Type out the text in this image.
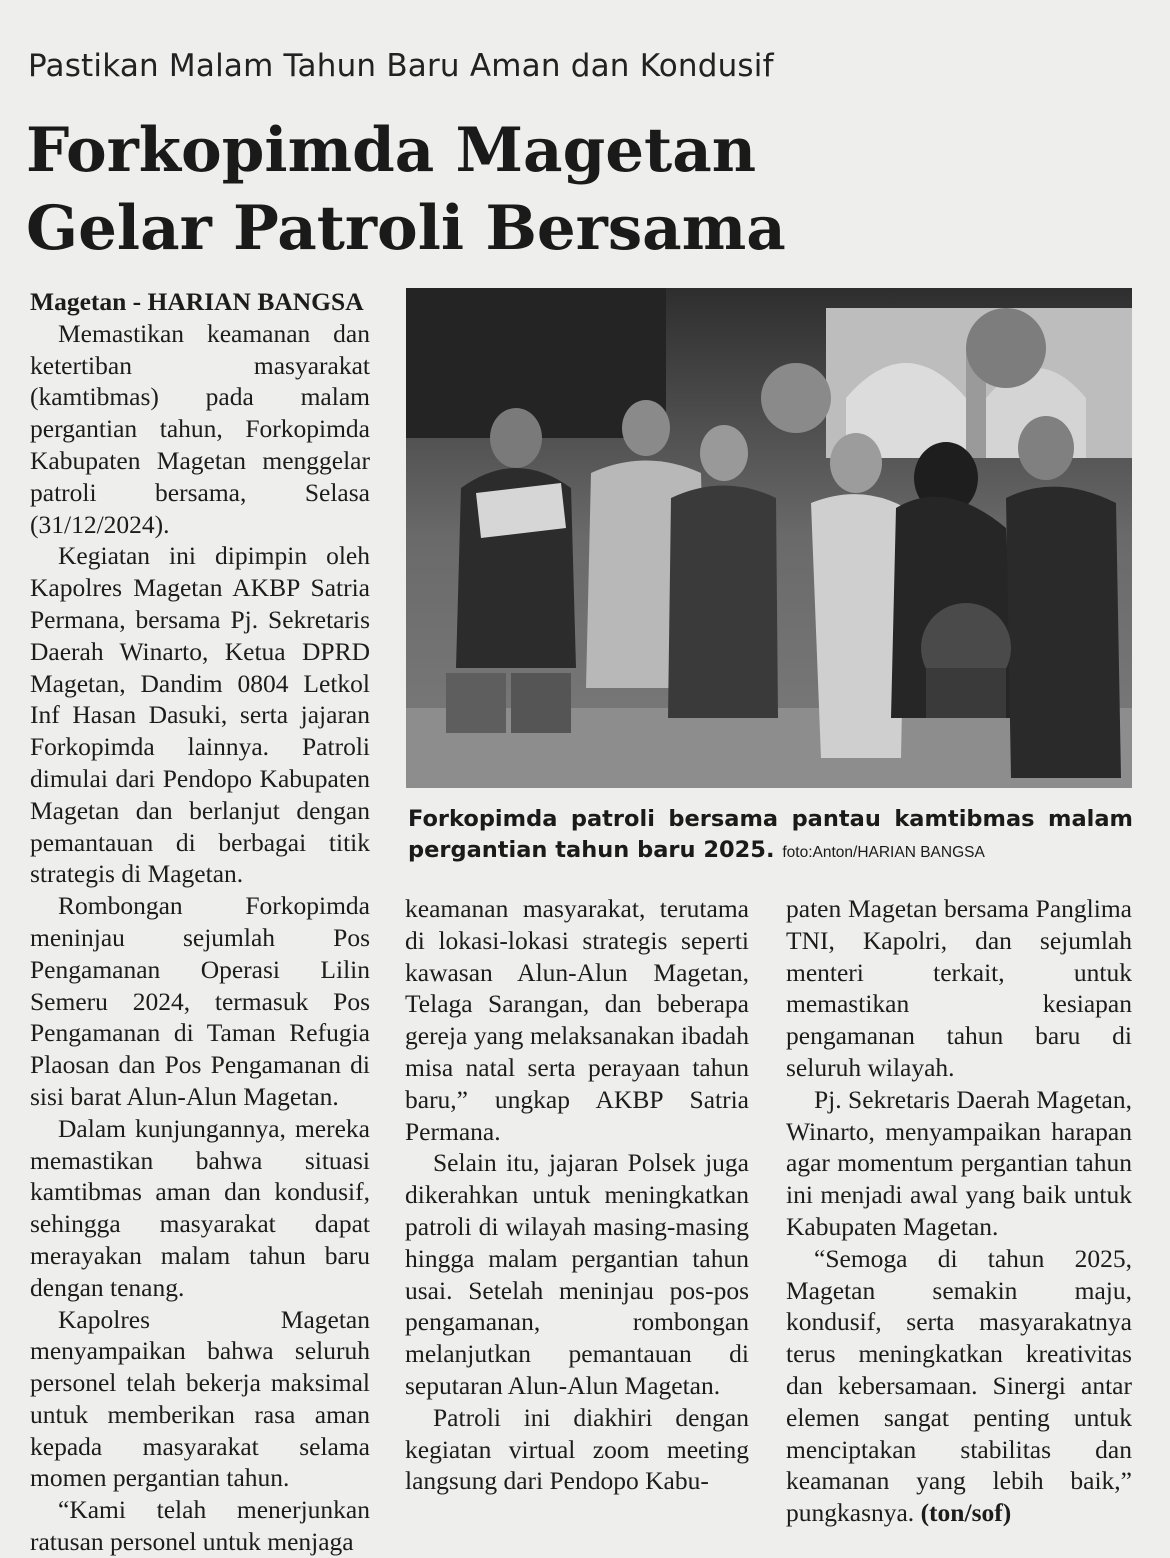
Pastikan Malam Tahun Baru Aman dan Kondusif
Forkopimda Magetan
Gelar Patroli Bersama

Magetan - HARIAN BANGSA

Memastikan keamanan dan ketertiban masyarakat (kamtibmas) pada malam pergantian tahun, Forkopimda Kabupaten Magetan menggelar patroli bersama, Selasa (31/12/2024).

Kegiatan ini dipimpin oleh Kapolres Magetan AKBP Satria Permana, bersama Pj. Sekretaris Daerah Winarto, Ketua DPRD Magetan, Dandim 0804 Letkol Inf Hasan Dasuki, serta jajaran Forkopimda lainnya. Patroli dimulai dari Pendopo Kabupaten Magetan dan berlanjut dengan pemantauan di berbagai titik strategis di Magetan.

Rombongan Forkopimda meninjau sejumlah Pos Pengamanan Operasi Lilin Semeru 2024, termasuk Pos Pengamanan di Taman Refugia Plaosan dan Pos Pengamanan di sisi barat Alun-Alun Magetan.

Dalam kunjungannya, mereka memastikan bahwa situasi kamtibmas aman dan kondusif, sehingga masyarakat dapat merayakan malam tahun baru dengan tenang.

Kapolres Magetan menyampaikan bahwa seluruh personel telah bekerja maksimal untuk memberikan rasa aman kepada masyarakat selama momen pergantian tahun.

“Kami telah menerjunkan ratusan personel untuk menjaga

Forkopimda patroli bersama pantau kamtibmas malam pergantian tahun baru 2025. foto:Anton/HARIAN BANGSA

keamanan masyarakat, terutama di lokasi-lokasi strategis seperti kawasan Alun-Alun Magetan, Telaga Sarangan, dan beberapa gereja yang melaksanakan ibadah misa natal serta perayaan tahun baru,” ungkap AKBP Satria Permana.

Selain itu, jajaran Polsek juga dikerahkan untuk meningkatkan patroli di wilayah masing-masing hingga malam pergantian tahun usai. Setelah meninjau pos-pos pengamanan, rombongan melanjutkan pemantauan di seputaran Alun-Alun Magetan.

Patroli ini diakhiri dengan kegiatan virtual zoom meeting langsung dari Pendopo Kabu-

paten Magetan bersama Panglima TNI, Kapolri, dan sejumlah menteri terkait, untuk memastikan kesiapan pengamanan tahun baru di seluruh wilayah.

Pj. Sekretaris Daerah Magetan, Winarto, menyampaikan harapan agar momentum pergantian tahun ini menjadi awal yang baik untuk Kabupaten Magetan.

“Semoga di tahun 2025, Magetan semakin maju, kondusif, serta masyarakatnya terus meningkatkan kreativitas dan kebersamaan. Sinergi antar elemen sangat penting untuk menciptakan stabilitas dan keamanan yang lebih baik,” pungkasnya. (ton/sof)
